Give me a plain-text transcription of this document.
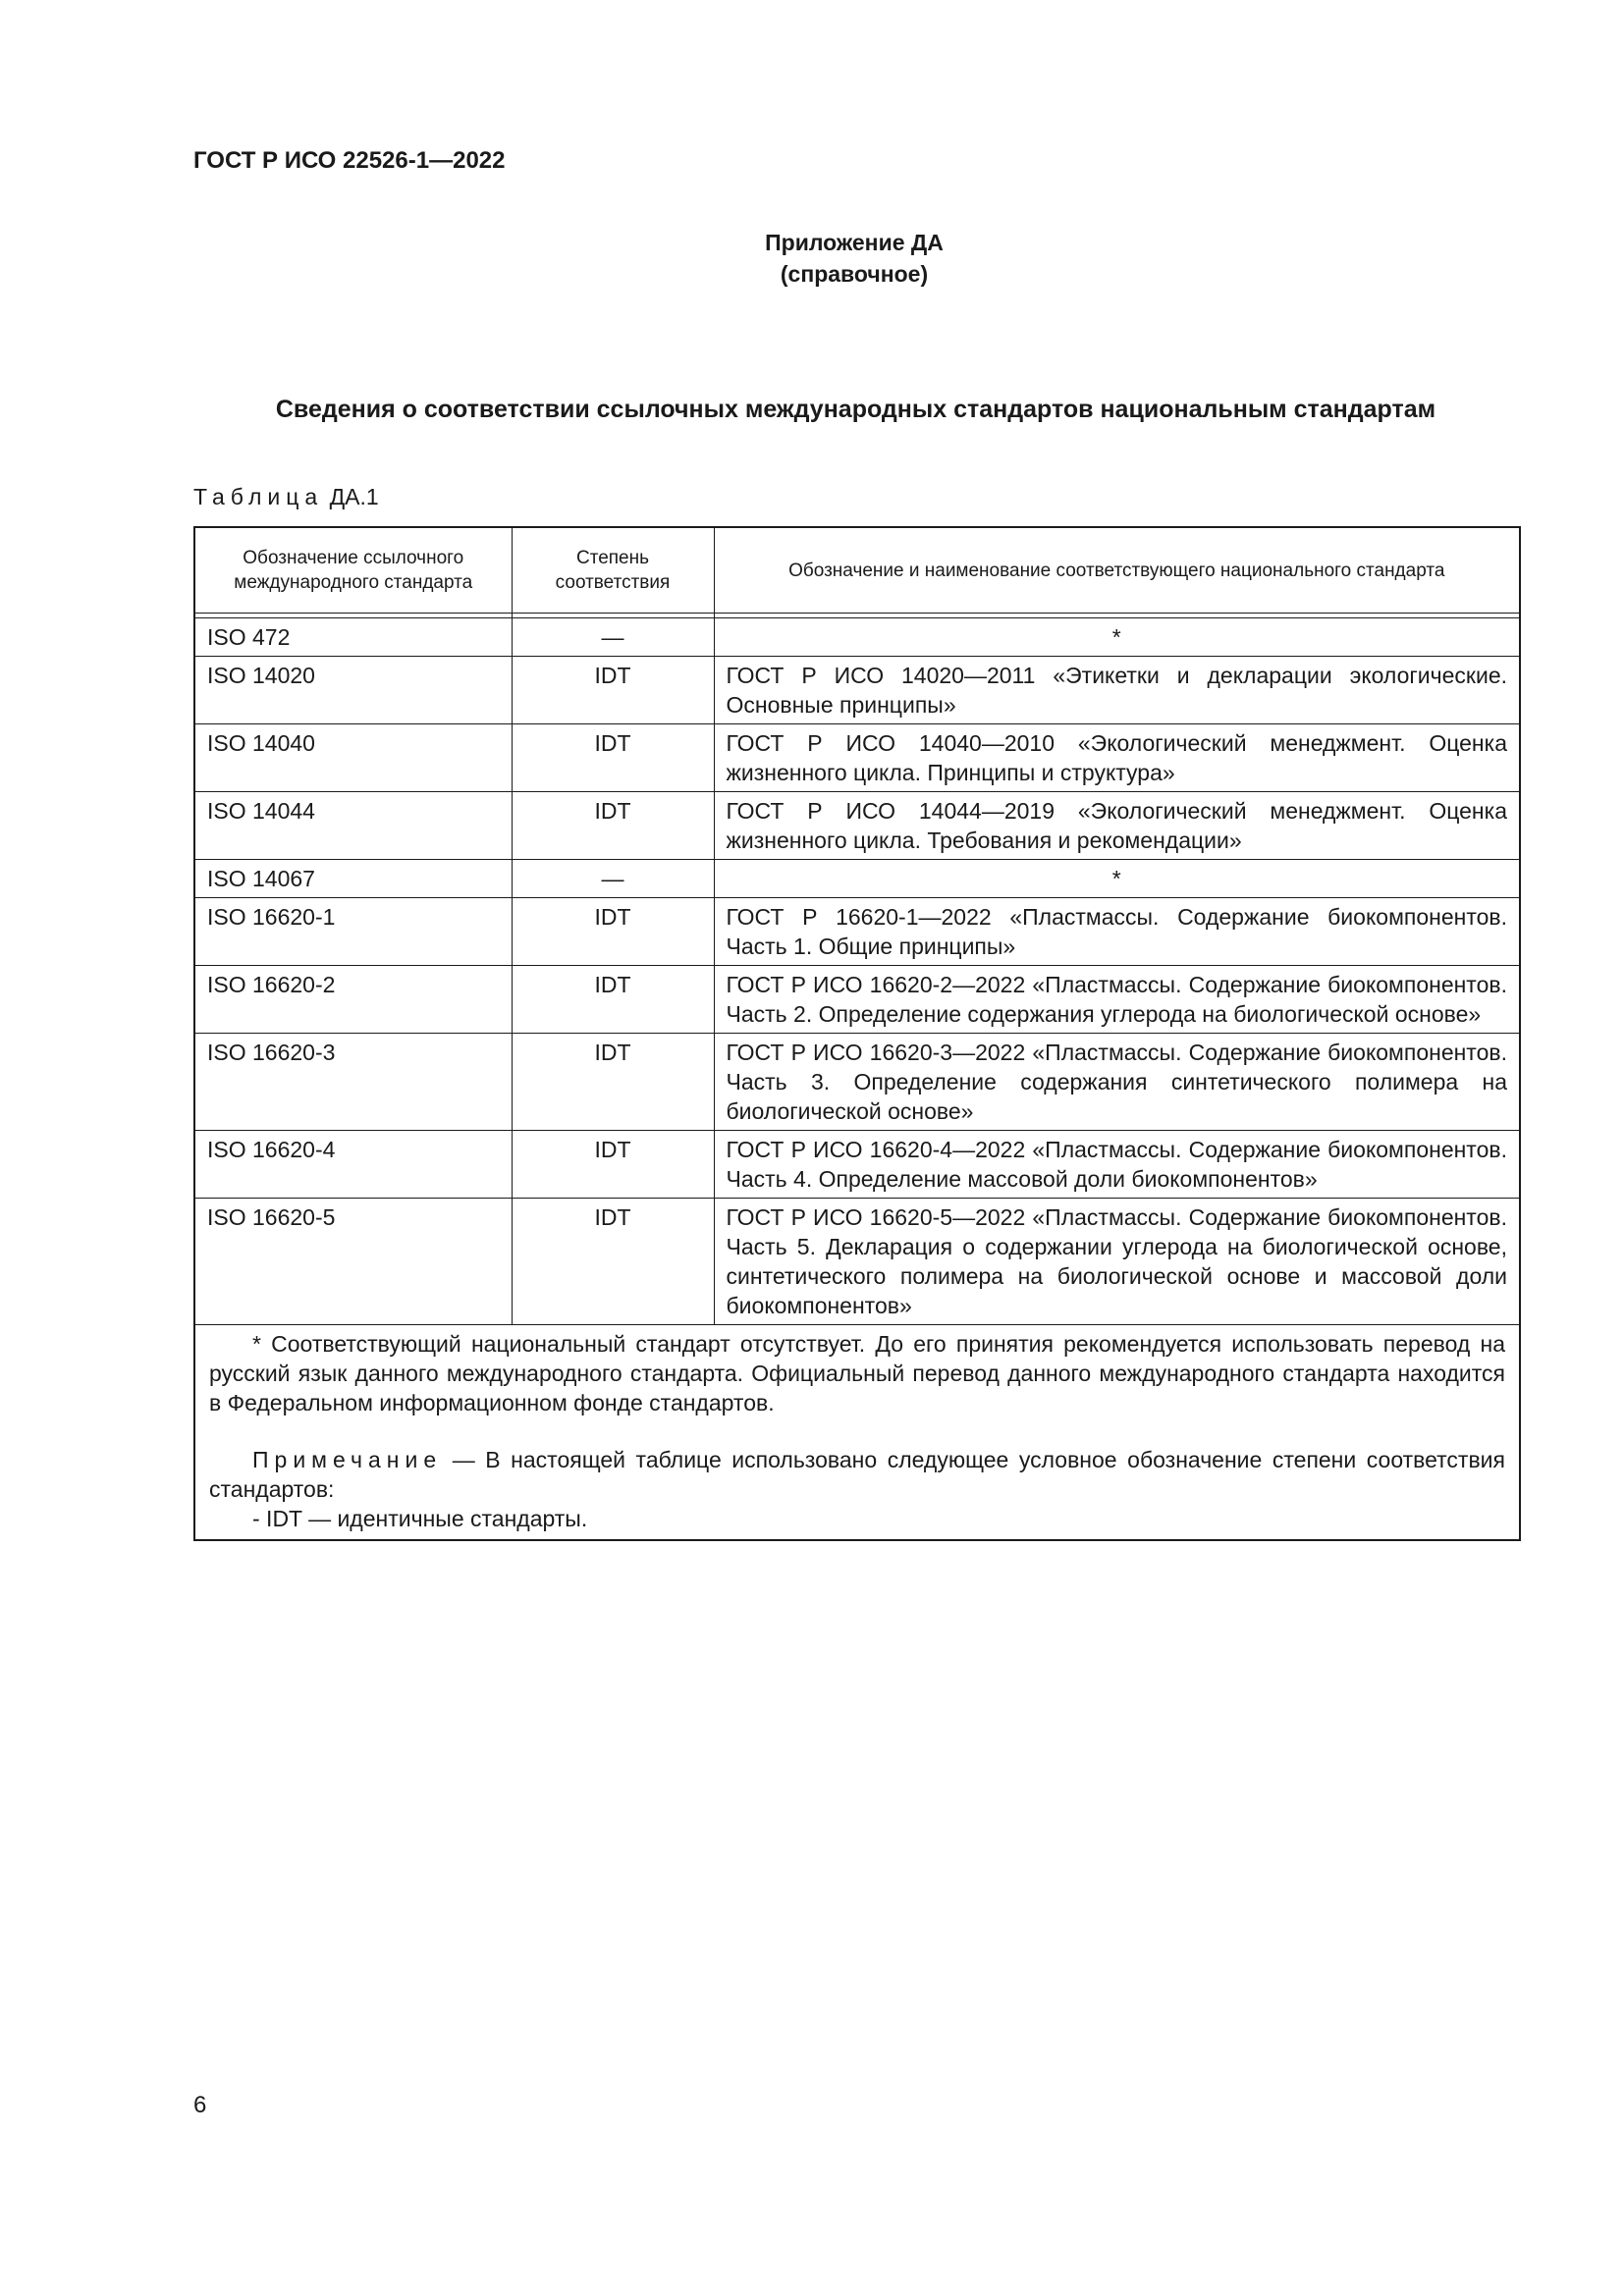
ГОСТ Р ИСО 22526-1—2022
Приложение ДА
(справочное)
Сведения о соответствии ссылочных международных стандартов национальным стандартам
Таблица ДА.1
Обозначение ссылочного международного стандарта	Степень соответствия	Обозначение и наименование соответствующего национального стандарта

ISO 472	—	*
ISO 14020	IDT	ГОСТ Р ИСО 14020—2011 «Этикетки и декларации экологические. Основные принципы»
ISO 14040	IDT	ГОСТ Р ИСО 14040—2010 «Экологический менеджмент. Оценка жизненного цикла. Принципы и структура»
ISO 14044	IDT	ГОСТ Р ИСО 14044—2019 «Экологический менеджмент. Оценка жизненного цикла. Требования и рекомендации»
ISO 14067	—	*
ISO 16620-1	IDT	ГОСТ Р 16620-1—2022 «Пластмассы. Содержание биокомпонентов. Часть 1. Общие принципы»
ISO 16620-2	IDT	ГОСТ Р ИСО 16620-2—2022 «Пластмассы. Содержание биокомпонентов. Часть 2. Определение содержания углерода на биологической основе»
ISO 16620-3	IDT	ГОСТ Р ИСО 16620-3—2022 «Пластмассы. Содержание биокомпонентов. Часть 3. Определение содержания синтетического полимера на биологической основе»
ISO 16620-4	IDT	ГОСТ Р ИСО 16620-4—2022 «Пластмассы. Содержание биокомпонентов. Часть 4. Определение массовой доли биокомпонентов»
ISO 16620-5	IDT	ГОСТ Р ИСО 16620-5—2022 «Пластмассы. Содержание биокомпонентов. Часть 5. Декларация о содержании углерода на биологической основе, синтетического полимера на биологической основе и массовой доли биокомпонентов»

* Соответствующий национальный стандарт отсутствует. До его принятия рекомендуется использовать перевод на русский язык данного международного стандарта. Официальный перевод данного международного стандарта находится в Федеральном информационном фонде стандартов.

Примечание — В настоящей таблице использовано следующее условное обозначение степени соответствия стандартов:

- IDT — идентичные стандарты.		

6
